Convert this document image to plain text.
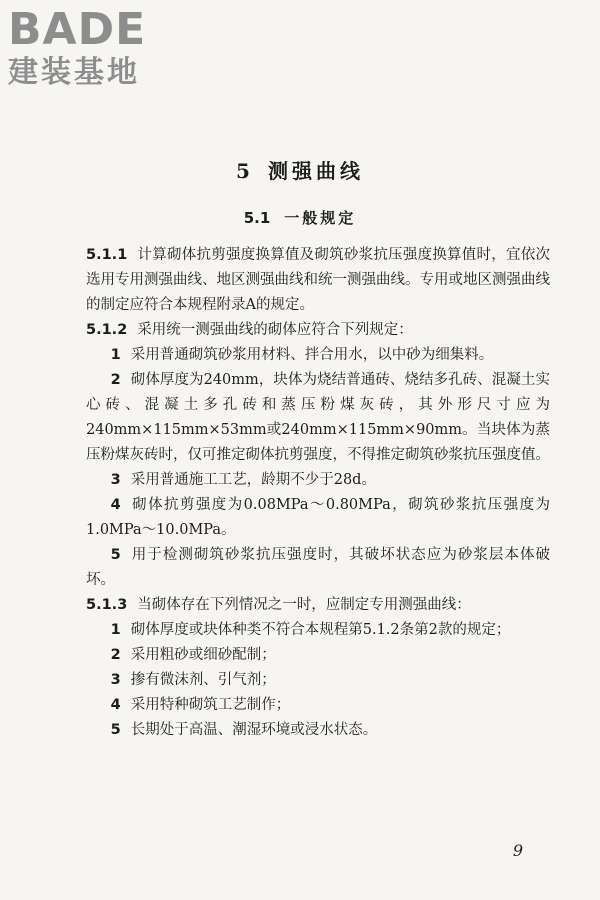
BADE
建装基地
5 测强曲线
5.1 一般规定

5.1.1 计算砌体抗剪强度换算值及砌筑砂浆抗压强度换算值时，宜依次选用专用测强曲线、地区测强曲线和统一测强曲线。专用或地区测强曲线的制定应符合本规程附录A的规定。

5.1.2 采用统一测强曲线的砌体应符合下列规定：

1 采用普通砌筑砂浆用材料、拌合用水，以中砂为细集料。

2 砌体厚度为240mm，块体为烧结普通砖、烧结多孔砖、混凝土实心砖、混凝土多孔砖和蒸压粉煤灰砖，其外形尺寸应为240mm×115mm×53mm或240mm×115mm×90mm。当块体为蒸压粉煤灰砖时，仅可推定砌体抗剪强度，不得推定砌筑砂浆抗压强度值。

3 采用普通施工工艺，龄期不少于28d。

4 砌体抗剪强度为0.08MPa～0.80MPa，砌筑砂浆抗压强度为1.0MPa～10.0MPa。

5 用于检测砌筑砂浆抗压强度时，其破坏状态应为砂浆层本体破坏。

5.1.3 当砌体存在下列情况之一时，应制定专用测强曲线：

1 砌体厚度或块体种类不符合本规程第5.1.2条第2款的规定；

2 采用粗砂或细砂配制；

3 掺有微沫剂、引气剂；

4 采用特种砌筑工艺制作；

5 长期处于高温、潮湿环境或浸水状态。

9
